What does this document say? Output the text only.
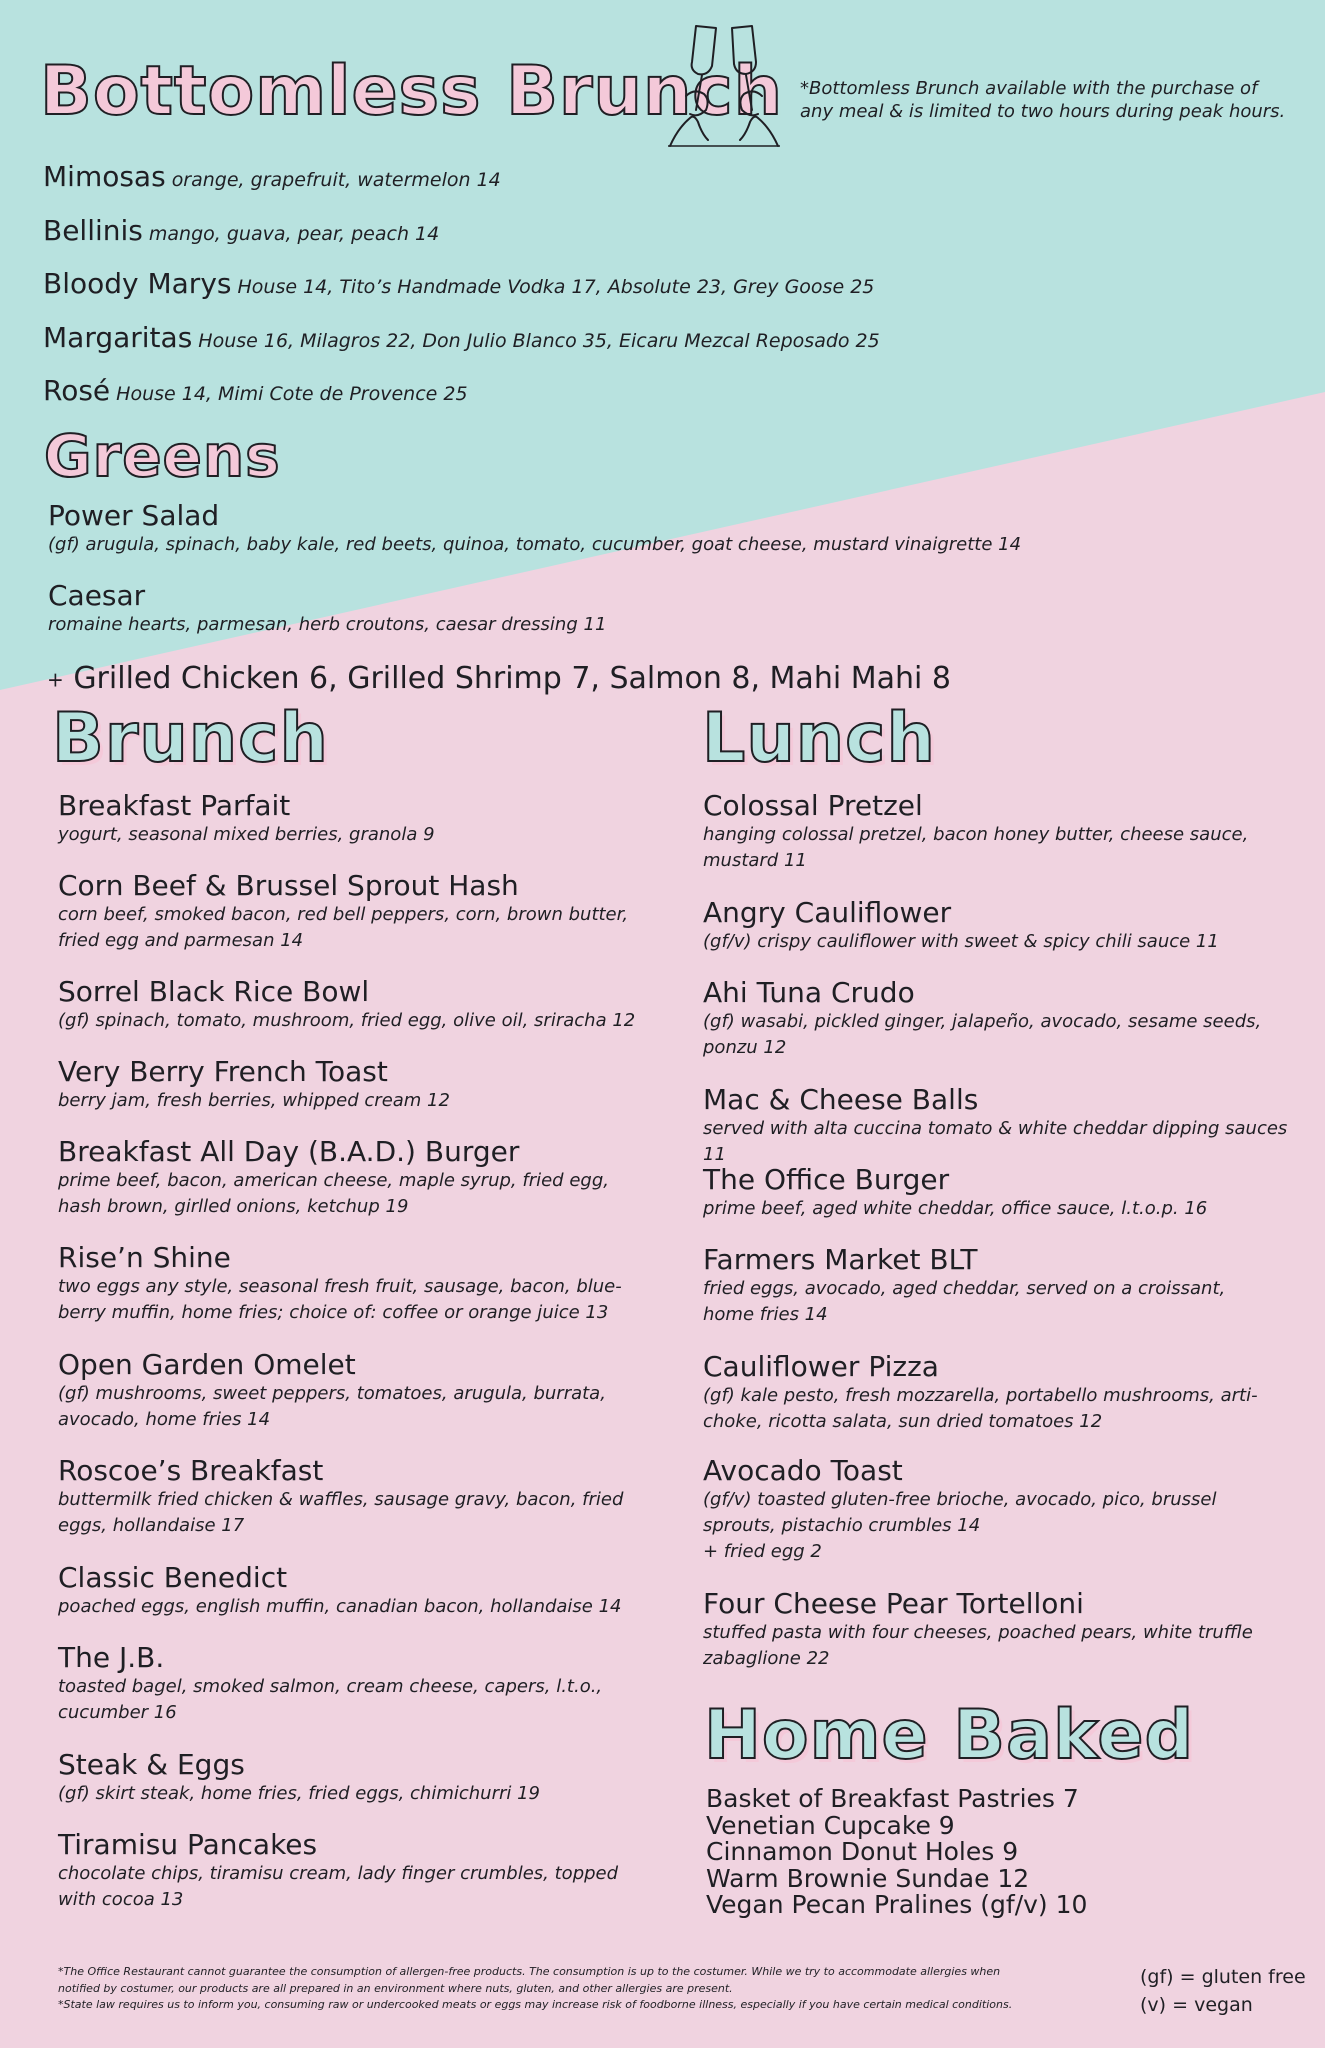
Bottomless Brunch *Bottomless Brunch available with the purchase of
any meal & is limited to two hours during peak hours.
Mimosas orange, grapefruit, watermelon 14
Bellinis mango, guava, pear, peach 14
Bloody Marys House 14, Tito’s Handmade Vodka 17, Absolute 23, Grey Goose 25
Margaritas House 16, Milagros 22, Don Julio Blanco 35, Eicaru Mezcal Reposado 25
Rosé House 14, Mimi Cote de Provence 25
Greens

Power Salad

(gf) arugula, spinach, baby kale, red beets, quinoa, tomato, cucumber, goat cheese, mustard vinaigrette 14

Caesar

romaine hearts, parmesan, herb croutons, caesar dressing 11

+ Grilled Chicken 6, Grilled Shrimp 7, Salmon 8, Mahi Mahi 8
Brunch

Breakfast Parfait

yogurt, seasonal mixed berries, granola 9

Corn Beef & Brussel Sprout Hash

corn beef, smoked bacon, red bell peppers, corn, brown butter,

fried egg and parmesan 14

Sorrel Black Rice Bowl

(gf) spinach, tomato, mushroom, fried egg, olive oil, sriracha 12

Very Berry French Toast

berry jam, fresh berries, whipped cream 12

Breakfast All Day (B.A.D.) Burger

prime beef, bacon, american cheese, maple syrup, fried egg,

hash brown, girlled onions, ketchup 19

Rise’n Shine

two eggs any style, seasonal fresh fruit, sausage, bacon, blue-

berry muffin, home fries; choice of: coffee or orange juice 13

Open Garden Omelet

(gf) mushrooms, sweet peppers, tomatoes, arugula, burrata,

avocado, home fries 14

Roscoe’s Breakfast

buttermilk fried chicken & waffles, sausage gravy, bacon, fried

eggs, hollandaise 17

Classic Benedict

poached eggs, english muffin, canadian bacon, hollandaise 14

The J.B.

toasted bagel, smoked salmon, cream cheese, capers, l.t.o.,

cucumber 16

Steak & Eggs

(gf) skirt steak, home fries, fried eggs, chimichurri 19

Tiramisu Pancakes

chocolate chips, tiramisu cream, lady finger crumbles, topped

with cocoa 13

Lunch

Colossal Pretzel

hanging colossal pretzel, bacon honey butter, cheese sauce,

mustard 11

Angry Cauliflower

(gf/v) crispy cauliflower with sweet & spicy chili sauce 11

Ahi Tuna Crudo

(gf) wasabi, pickled ginger, jalapeño, avocado, sesame seeds,

ponzu 12

Mac & Cheese Balls

served with alta cuccina tomato & white cheddar dipping sauces 11

The Office Burger

prime beef, aged white cheddar, office sauce, l.t.o.p. 16

Farmers Market BLT

fried eggs, avocado, aged cheddar, served on a croissant,

home fries 14

Cauliflower Pizza

(gf) kale pesto, fresh mozzarella, portabello mushrooms, arti-

choke, ricotta salata, sun dried tomatoes 12

Avocado Toast

(gf/v) toasted gluten-free brioche, avocado, pico, brussel

sprouts, pistachio crumbles 14

+ fried egg 2

Four Cheese Pear Tortelloni

stuffed pasta with four cheeses, poached pears, white truffle

zabaglione 22

Home Baked

Basket of Breakfast Pastries 7

Venetian Cupcake 9

Cinnamon Donut Holes 9

Warm Brownie Sundae 12

Vegan Pecan Pralines (gf/v) 10

*The Office Restaurant cannot guarantee the consumption of allergen-free products. The consumption is up to the costumer. While we try to accommodate allergies when
notified by costumer, our products are all prepared in an environment where nuts, gluten, and other allergies are present.
*State law requires us to inform you, consuming raw or undercooked meats or eggs may increase risk of foodborne illness, especially if you have certain medical conditions.
(gf) = gluten free
(v) = vegan
